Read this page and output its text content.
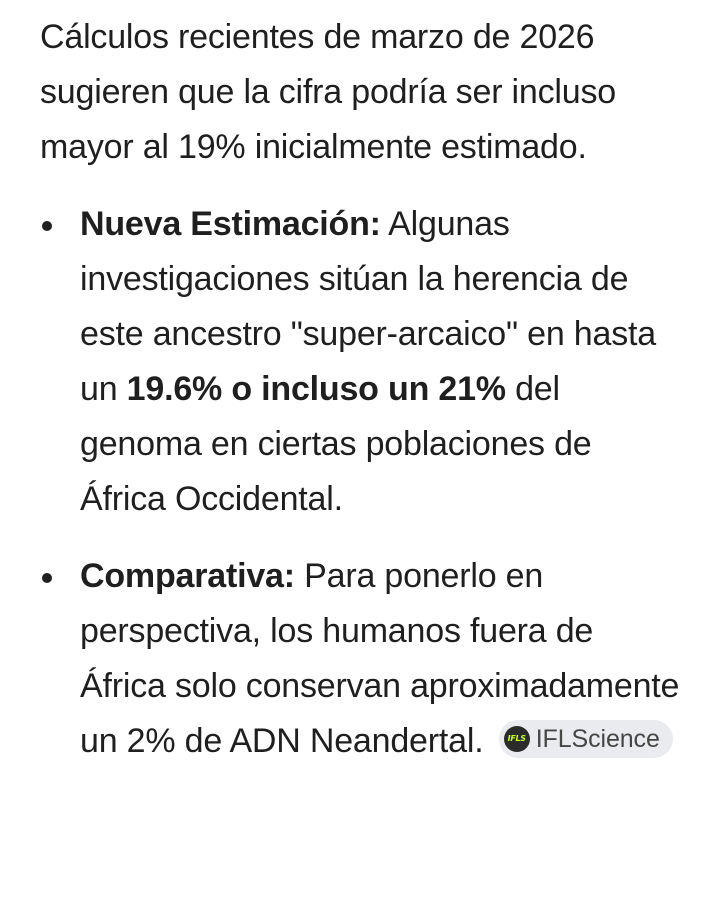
Cálculos recientes de marzo de 2026 sugieren que la cifra podría ser incluso mayor al 19% inicialmente estimado.

Nueva Estimación: Algunas investigaciones sitúan la herencia de este ancestro "super-arcaico" en hasta un 19.6% o incluso un 21% del genoma en ciertas poblaciones de África Occidental.
Comparativa: Para ponerlo en perspectiva, los humanos fuera de África solo conservan aproximadamente un 2% de ADN Neandertal. IFLS IFLScience
